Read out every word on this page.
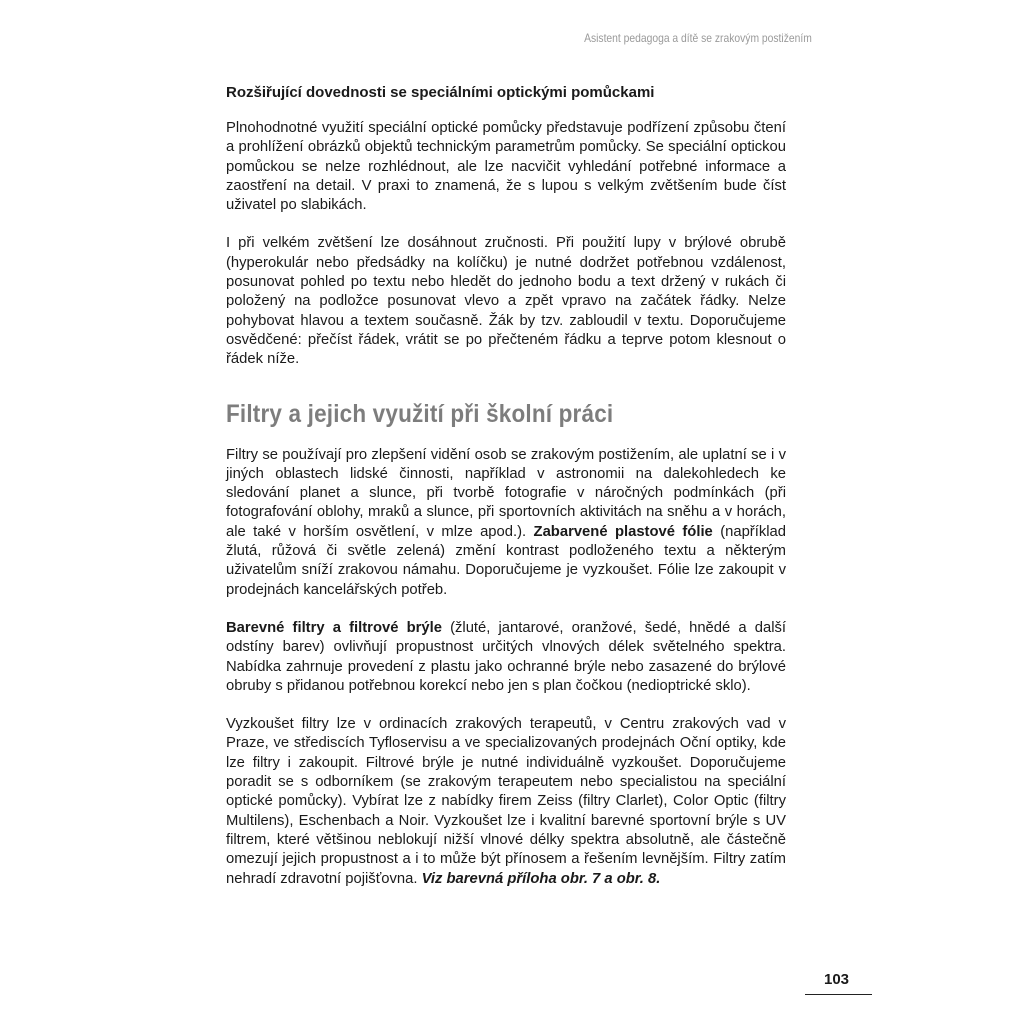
Asistent pedagoga a dítě se zrakovým postižením
Rozšiřující dovednosti se speciálními optickými pomůckami

Plnohodnotné využití speciální optické pomůcky představuje podřízení způsobu čtení a prohlížení obrázků objektů technickým parametrům pomůcky. Se speciální optickou pomůckou se nelze rozhlédnout, ale lze nacvičit vyhledání potřebné informace a zaostření na detail. V praxi to znamená, že s lupou s velkým zvětšením bude číst uživatel po slabikách.

I při velkém zvětšení lze dosáhnout zručnosti. Při použití lupy v brýlové obrubě (hyperokulár nebo předsádky na kolíčku) je nutné dodržet potřebnou vzdálenost, posunovat pohled po textu nebo hledět do jednoho bodu a text držený v rukách či položený na podložce posunovat vlevo a zpět vpravo na začátek řádky. Nelze pohybovat hlavou a textem současně. Žák by tzv. zabloudil v textu. Doporučujeme osvědčené: přečíst řádek, vrátit se po přečteném řádku a teprve potom klesnout o řádek níže.

Filtry a jejich využití při školní práci

Filtry se používají pro zlepšení vidění osob se zrakovým postižením, ale uplatní se i v jiných oblastech lidské činnosti, například v astronomii na dalekohledech ke sledování planet a slunce, při tvorbě fotografie v náročných podmínkách (při fotografování oblohy, mraků a slunce, při sportovních aktivitách na sněhu a v horách, ale také v horším osvětlení, v mlze apod.). Zabarvené plastové fólie (například žlutá, růžová či světle zelená) změní kontrast podloženého textu a některým uživatelům sníží zrakovou námahu. Doporučujeme je vyzkoušet. Fólie lze zakoupit v prodejnách kancelářských potřeb.

Barevné filtry a filtrové brýle (žluté, jantarové, oranžové, šedé, hnědé a další odstíny barev) ovlivňují propustnost určitých vlnových délek světelného spektra. Nabídka zahrnuje provedení z plastu jako ochranné brýle nebo zasazené do brýlové obruby s přidanou potřebnou korekcí nebo jen s plan čočkou (nedioptrické sklo).

Vyzkoušet filtry lze v ordinacích zrakových terapeutů, v Centru zrakových vad v Praze, ve střediscích Tyfloservisu a ve specializovaných prodejnách Oční optiky, kde lze filtry i zakoupit. Filtrové brýle je nutné individuálně vyzkoušet. Doporučujeme poradit se s odborníkem (se zrakovým terapeutem nebo specialistou na speciální optické pomůcky). Vybírat lze z nabídky firem Zeiss (filtry Clarlet), Color Optic (filtry Multilens), Eschenbach a Noir. Vyzkoušet lze i kvalitní barevné sportovní brýle s UV filtrem, které většinou neblokují nižší vlnové délky spektra absolutně, ale částečně omezují jejich propustnost a i to může být přínosem a řešením levnějším. Filtry zatím nehradí zdravotní pojišťovna. Viz barevná příloha obr. 7 a obr. 8.

103
